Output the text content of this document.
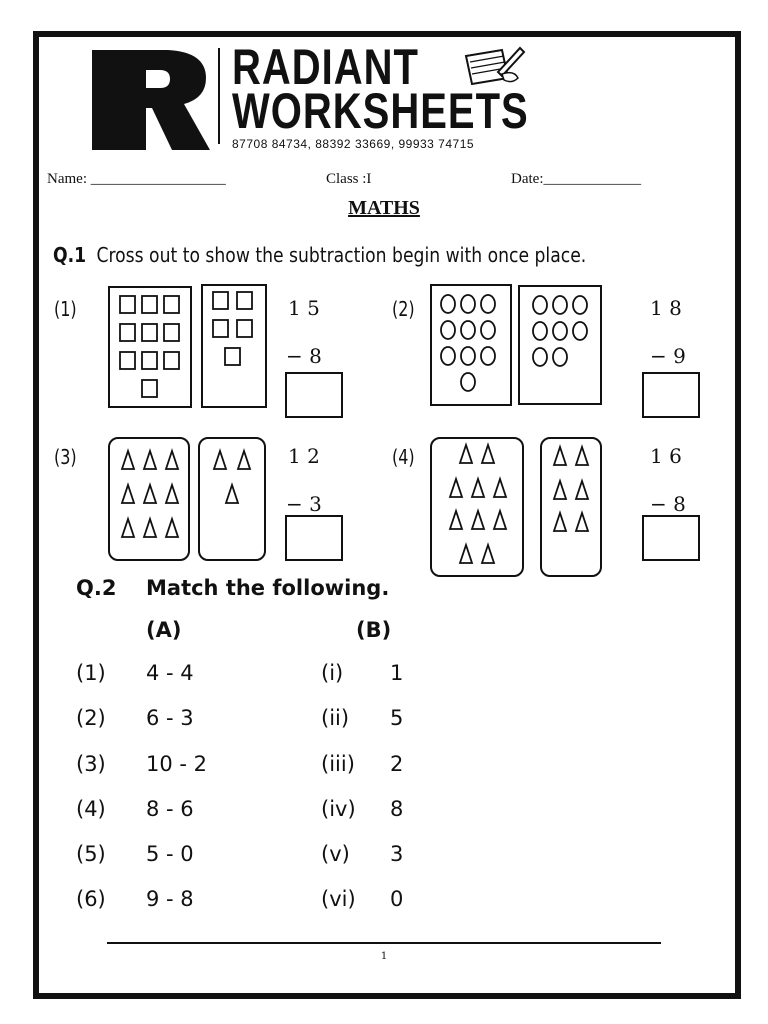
RADIANT
WORKSHEETS
87708 84734, 88392 33669, 99933 74715
Name: __________________	Class :I	Date:_____________
MATHS
Q.1 Cross out to show the subtraction begin with once place.
(1)	1 5
− 8
(2)	1 8
− 9
(3)	1 2
− 3
(4)	1 6
− 8
Q.2 Match the following.
(A)	(B)
(1) 4 - 4	(i) 1
(2) 6 - 3	(ii) 5
(3) 10 - 2	(iii) 2
(4) 8 - 6	(iv) 8
(5) 5 - 0	(v) 3
(6) 9 - 8	(vi) 0
1
